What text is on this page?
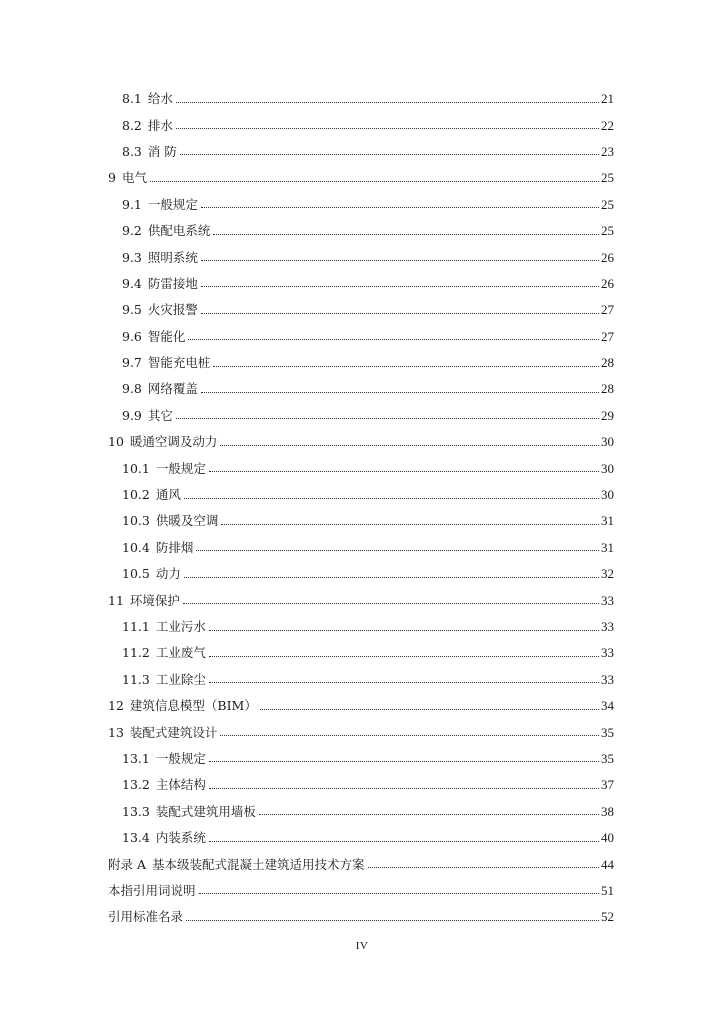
8.1 给水	21
8.2 排水	22
8.3 消 防	23
9 电气	25
9.1 一般规定	25
9.2 供配电系统	25
9.3 照明系统	26
9.4 防雷接地	26
9.5 火灾报警	27
9.6 智能化	27
9.7 智能充电桩	28
9.8 网络覆盖	28
9.9 其它	29
10 暖通空调及动力	30
10.1 一般规定	30
10.2 通风	30
10.3 供暖及空调	31
10.4 防排烟	31
10.5 动力	32
11 环境保护	33
11.1 工业污水	33
11.2 工业废气	33
11.3 工业除尘	33
12 建筑信息模型（BIM）	34
13 装配式建筑设计	35
13.1 一般规定	35
13.2 主体结构	37
13.3 装配式建筑用墙板	38
13.4 内装系统	40
附录 A 基本级装配式混凝土建筑适用技术方案	44
本指引用词说明	51
引用标准名录	52
IV
